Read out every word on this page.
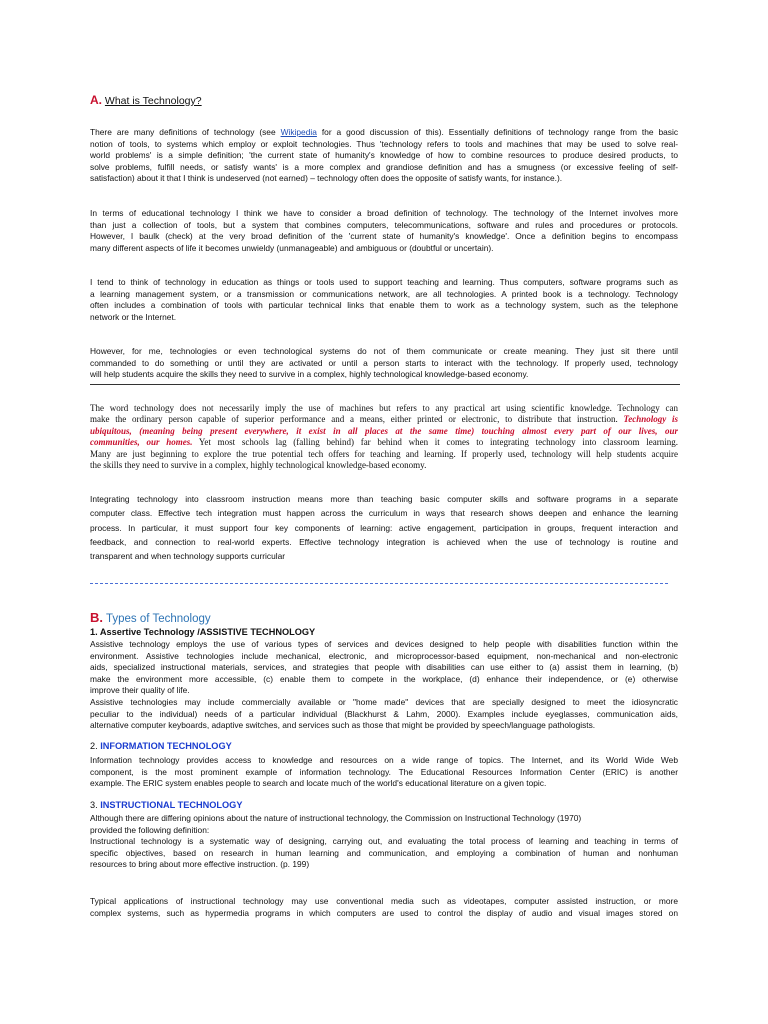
A. What is Technology?
There are many definitions of technology (see Wikipedia for a good discussion of this). Essentially definitions of technology range from the basic
notion of tools, to systems which employ or exploit technologies. Thus 'technology refers to tools and machines that may be used to solve real-
world problems' is a simple definition; 'the current state of humanity's knowledge of how to combine resources to produce desired products, to
solve problems, fulfill needs, or satisfy wants' is a more complex and grandiose definition and has a smugness (or excessive feeling of self-
satisfaction) about it that I think is undeserved (not earned) – technology often does the opposite of satisfy wants, for instance.).
In terms of educational technology I think we have to consider a broad definition of technology. The technology of the Internet involves more
than just a collection of tools, but a system that combines computers, telecommunications, software and rules and procedures or protocols.
However, I baulk (check) at the very broad definition of the 'current state of humanity's knowledge'. Once a definition begins to encompass
many different aspects of life it becomes unwieldy (unmanageable) and ambiguous or (doubtful or uncertain).
I tend to think of technology in education as things or tools used to support teaching and learning. Thus computers, software programs such as
a learning management system, or a transmission or communications network, are all technologies. A printed book is a technology. Technology
often includes a combination of tools with particular technical links that enable them to work as a technology system, such as the telephone
network or the Internet.
However, for me, technologies or even technological systems do not of them communicate or create meaning. They just sit there until
commanded to do something or until they are activated or until a person starts to interact with the technology. If properly used, technology
will help students acquire the skills they need to survive in a complex, highly technological knowledge-based economy.
The word technology does not necessarily imply the use of machines but refers to any practical art using scientific knowledge. Technology can
make the ordinary person capable of superior performance and a means, either printed or electronic, to distribute that instruction. Technology is
ubiquitous, (meaning being present everywhere, it exist in all places at the same time) touching almost every part of our lives, our
communities, our homes. Yet most schools lag (falling behind) far behind when it comes to integrating technology into classroom learning.
Many are just beginning to explore the true potential tech offers for teaching and learning. If properly used, technology will help students acquire
the skills they need to survive in a complex, highly technological knowledge-based economy.
Integrating technology into classroom instruction means more than teaching basic computer skills and software programs in a separate
computer class. Effective tech integration must happen across the curriculum in ways that research shows deepen and enhance the learning
process. In particular, it must support four key components of learning: active engagement, participation in groups, frequent interaction and
feedback, and connection to real-world experts. Effective technology integration is achieved when the use of technology is routine and
transparent and when technology supports curricular
B. Types of Technology
1. Assertive Technology /ASSISTIVE TECHNOLOGY
Assistive technology employs the use of various types of services and devices designed to help people with disabilities function within the
environment. Assistive technologies include mechanical, electronic, and microprocessor-based equipment, non-mechanical and non-electronic
aids, specialized instructional materials, services, and strategies that people with disabilities can use either to (a) assist them in learning, (b)
make the environment more accessible, (c) enable them to compete in the workplace, (d) enhance their independence, or (e) otherwise
improve their quality of life.
Assistive technologies may include commercially available or "home made" devices that are specially designed to meet the idiosyncratic
peculiar to the individual) needs of a particular individual (Blackhurst & Lahm, 2000). Examples include eyeglasses, communication aids,
alternative computer keyboards, adaptive switches, and services such as those that might be provided by speech/language pathologists.
2. INFORMATION TECHNOLOGY
Information technology provides access to knowledge and resources on a wide range of topics. The Internet, and its World Wide Web
component, is the most prominent example of information technology. The Educational Resources Information Center (ERIC) is another
example. The ERIC system enables people to search and locate much of the world's educational literature on a given topic.
3. INSTRUCTIONAL TECHNOLOGY
Although there are differing opinions about the nature of instructional technology, the Commission on Instructional Technology (1970)
provided the following definition:
Instructional technology is a systematic way of designing, carrying out, and evaluating the total process of learning and teaching in terms of
specific objectives, based on research in human learning and communication, and employing a combination of human and nonhuman
resources to bring about more effective instruction. (p. 199)
Typical applications of instructional technology may use conventional media such as videotapes, computer assisted instruction, or more
complex systems, such as hypermedia programs in which computers are used to control the display of audio and visual images stored on
